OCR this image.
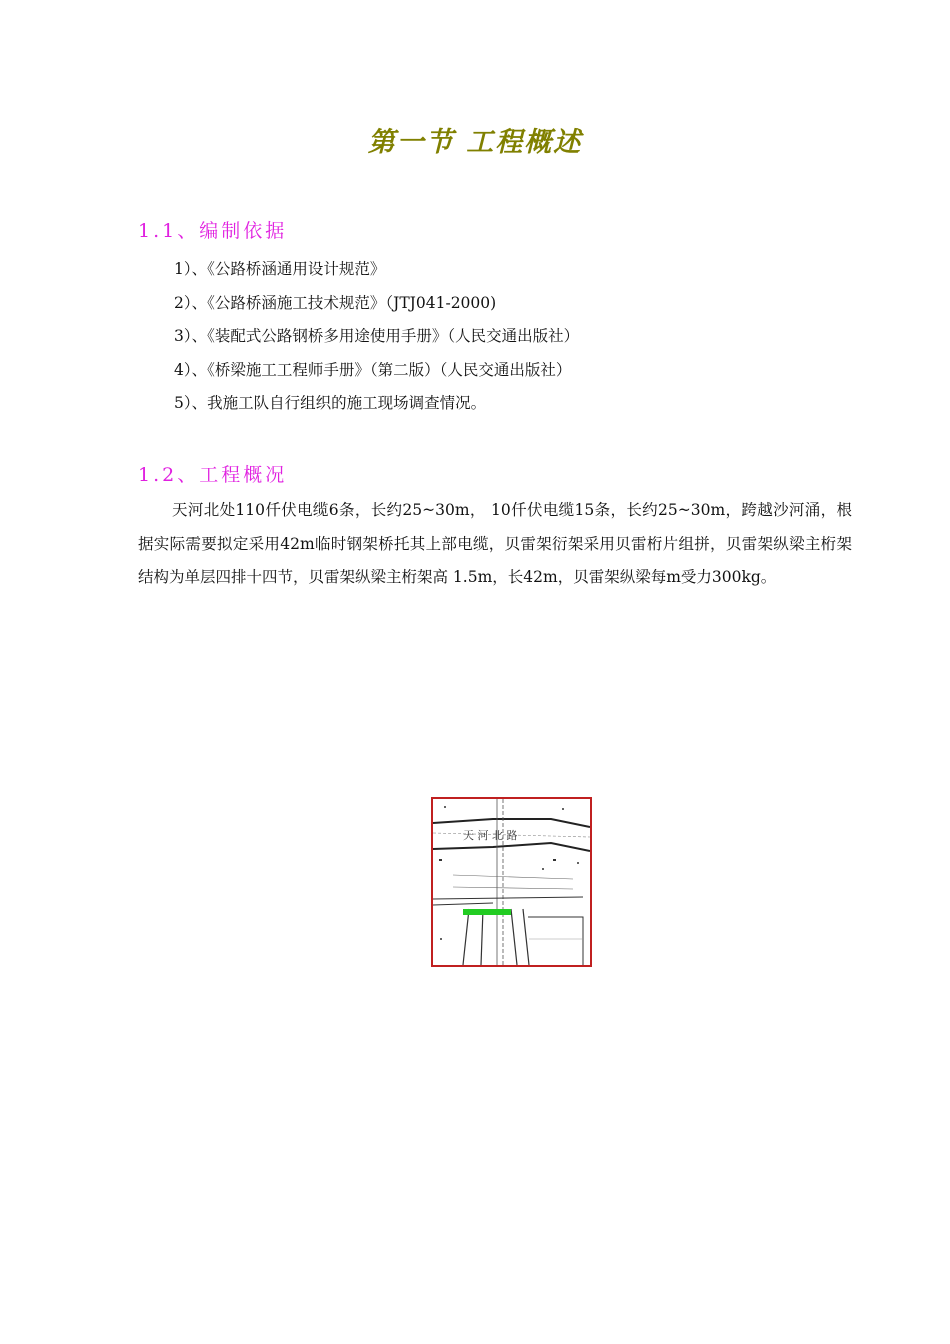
第一节 工程概述
1.1、编制依据
1）、《公路桥涵通用设计规范》
2）、《公路桥涵施工技术规范》（JTJ041-2000)
3）、《装配式公路钢桥多用途使用手册》（人民交通出版社）
4）、《桥梁施工工程师手册》（第二版）（人民交通出版社）
5）、我施工队自行组织的施工现场调查情况。
1.2、工程概况

天河北处110仟伏电缆6条，长约25~30m， 10仟伏电缆15条，长约25~30m，跨越沙河涌，根据实际需要拟定采用42m临时钢架桥托其上部电缆，贝雷架衍架采用贝雷桁片组拼，贝雷架纵梁主桁架结构为单层四排十四节，贝雷架纵梁主桁架高 1.5m，长42m，贝雷架纵梁每m受力300kg。

天 河 北 路
